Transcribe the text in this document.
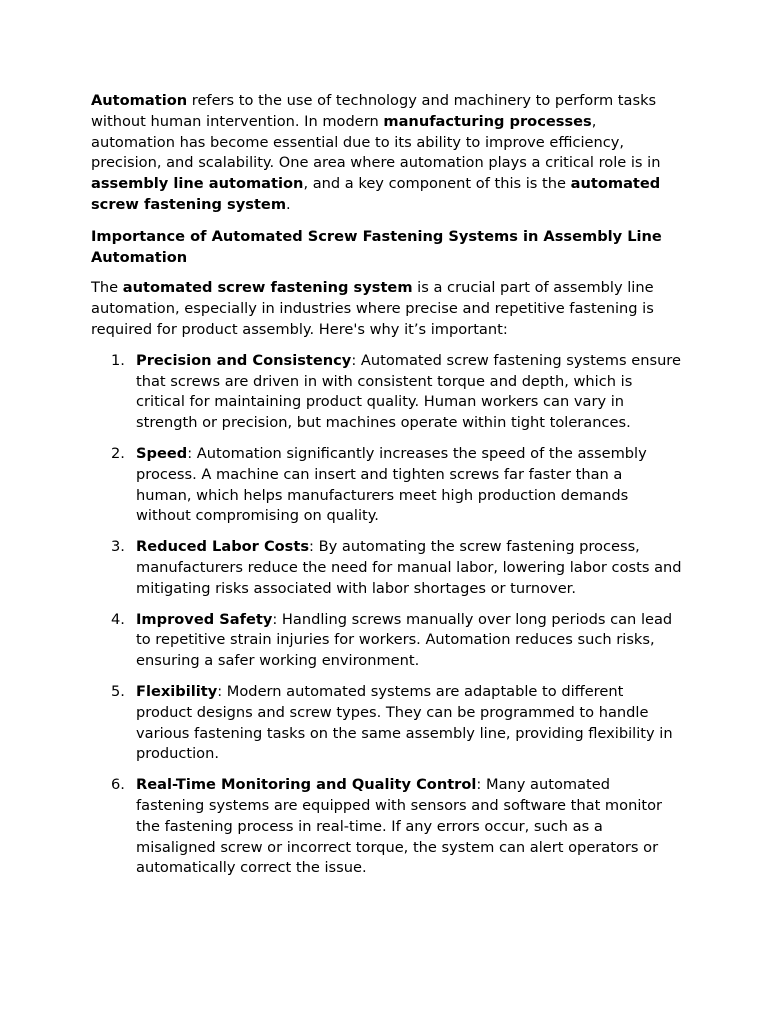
Automation refers to the use of technology and machinery to perform tasks without human intervention. In modern manufacturing processes, automation has become essential due to its ability to improve efficiency, precision, and scalability. One area where automation plays a critical role is in assembly line automation, and a key component of this is the automated screw fastening system.

Importance of Automated Screw Fastening Systems in Assembly Line Automation

The automated screw fastening system is a crucial part of assembly line automation, especially in industries where precise and repetitive fastening is required for product assembly. Here's why it’s important:

1. Precision and Consistency: Automated screw fastening systems ensure that screws are driven in with consistent torque and depth, which is critical for maintaining product quality. Human workers can vary in strength or precision, but machines operate within tight tolerances.
2. Speed: Automation significantly increases the speed of the assembly process. A machine can insert and tighten screws far faster than a human, which helps manufacturers meet high production demands without compromising on quality.
3. Reduced Labor Costs: By automating the screw fastening process, manufacturers reduce the need for manual labor, lowering labor costs and mitigating risks associated with labor shortages or turnover.
4. Improved Safety: Handling screws manually over long periods can lead to repetitive strain injuries for workers. Automation reduces such risks, ensuring a safer working environment.
5. Flexibility: Modern automated systems are adaptable to different product designs and screw types. They can be programmed to handle various fastening tasks on the same assembly line, providing flexibility in production.
6. Real-Time Monitoring and Quality Control: Many automated fastening systems are equipped with sensors and software that monitor the fastening process in real-time. If any errors occur, such as a misaligned screw or incorrect torque, the system can alert operators or automatically correct the issue.
